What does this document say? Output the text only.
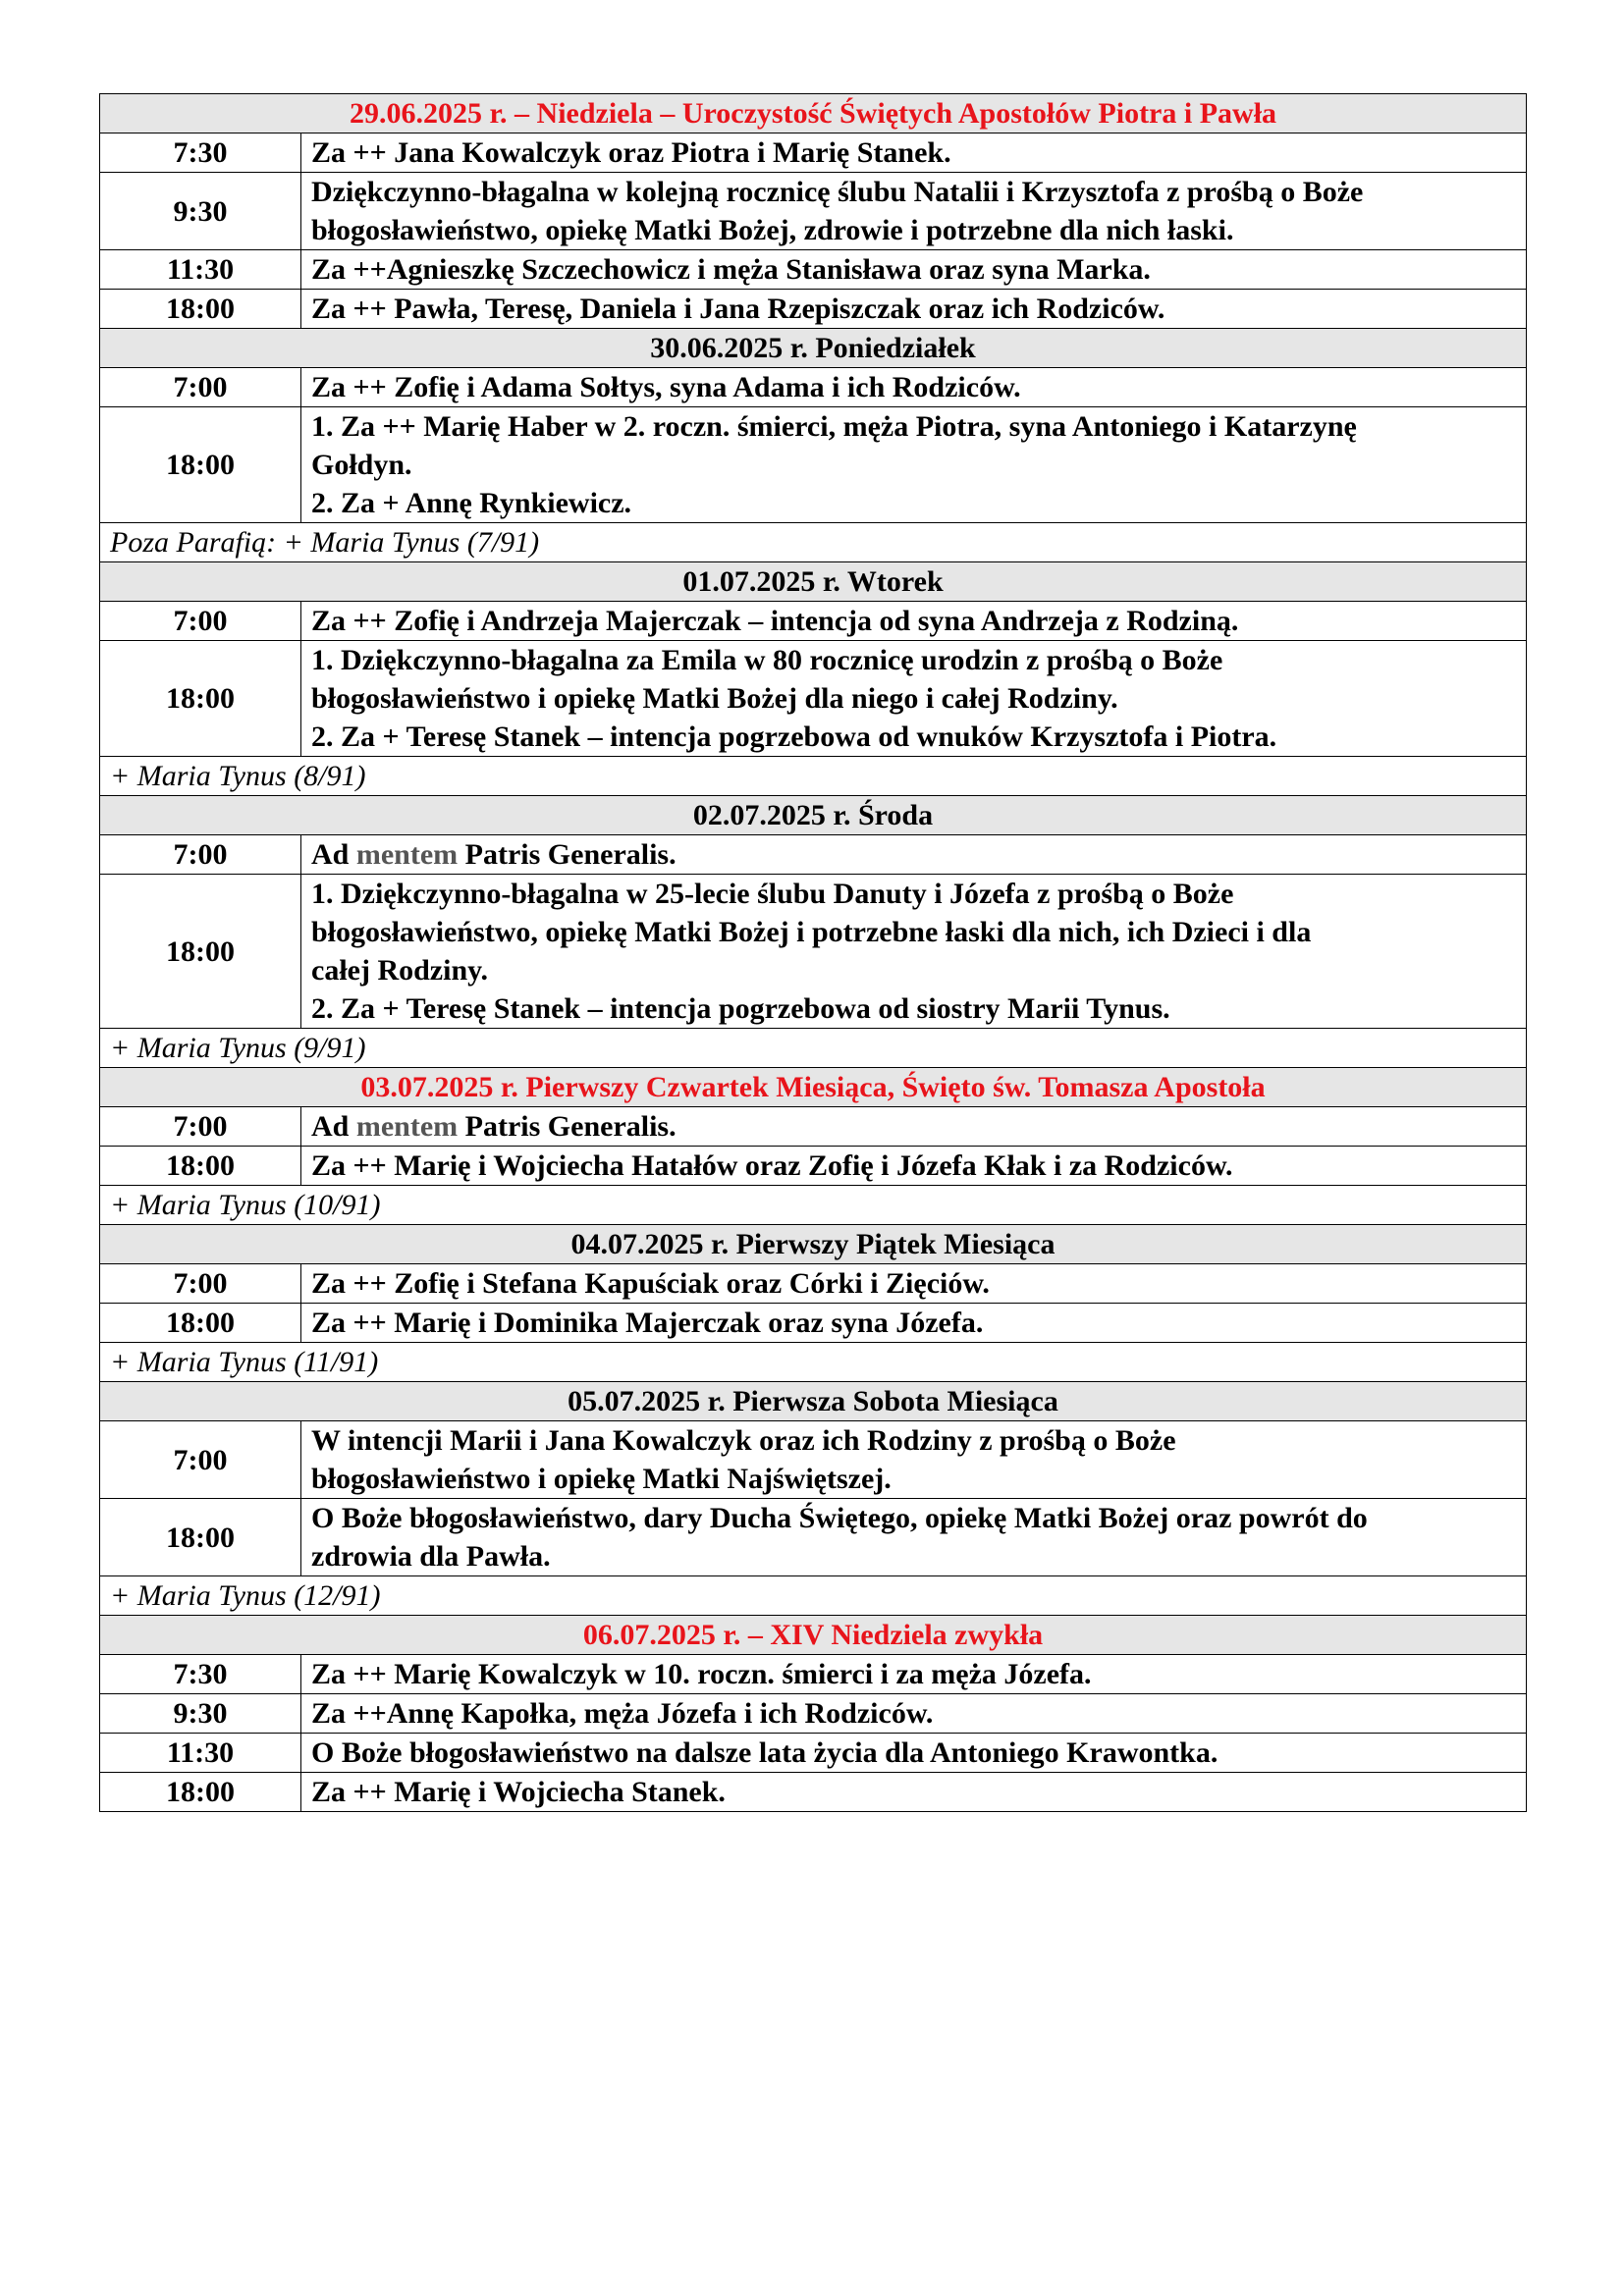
29.06.2025 r. – Niedziela – Uroczystość Świętych Apostołów Piotra i Pawła	
7:30	Za ++ Jana Kowalczyk oraz Piotra i Marię Stanek.

9:30	Dziękczynno-błagalna w kolejną rocznicę ślubu Natalii i Krzysztofa z prośbą o Boże
błogosławieństwo, opiekę Matki Bożej, zdrowie i potrzebne dla nich łaski.

11:30	Za ++Agnieszkę Szczechowicz i męża Stanisława oraz syna Marka.

18:00	Za ++ Pawła, Teresę, Daniela i Jana Rzepiszczak oraz ich Rodziców.

30.06.2025 r. Poniedziałek	
7:00	Za ++ Zofię i Adama Sołtys, syna Adama i ich Rodziców.

18:00	1. Za ++ Marię Haber w 2. roczn. śmierci, męża Piotra, syna Antoniego i Katarzynę
Gołdyn.
2. Za + Annę Rynkiewicz.

Poza Parafią: + Maria Tynus (7/91)	
01.07.2025 r. Wtorek	
7:00	Za ++ Zofię i Andrzeja Majerczak – intencja od syna Andrzeja z Rodziną.

18:00	1. Dziękczynno-błagalna za Emila w 80 rocznicę urodzin z prośbą o Boże
błogosławieństwo i opiekę Matki Bożej dla niego i całej Rodziny.
2. Za + Teresę Stanek – intencja pogrzebowa od wnuków Krzysztofa i Piotra.

+ Maria Tynus (8/91)	
02.07.2025 r. Środa	
7:00	Ad mentem Patris Generalis.
18:00	1. Dziękczynno-błagalna w 25-lecie ślubu Danuty i Józefa z prośbą o Boże
błogosławieństwo, opiekę Matki Bożej i potrzebne łaski dla nich, ich Dzieci i dla
całej Rodziny.
2. Za + Teresę Stanek – intencja pogrzebowa od siostry Marii Tynus.

+ Maria Tynus (9/91)	
03.07.2025 r. Pierwszy Czwartek Miesiąca, Święto św. Tomasza Apostoła	
7:00	Ad mentem Patris Generalis.
18:00	Za ++ Marię i Wojciecha Hatałów oraz Zofię i Józefa Kłak i za Rodziców.

+ Maria Tynus (10/91)	
04.07.2025 r. Pierwszy Piątek Miesiąca	
7:00	Za ++ Zofię i Stefana Kapuściak oraz Córki i Zięciów.

18:00	Za ++ Marię i Dominika Majerczak oraz syna Józefa.

+ Maria Tynus (11/91)	
05.07.2025 r. Pierwsza Sobota Miesiąca	
7:00	W intencji Marii i Jana Kowalczyk oraz ich Rodziny z prośbą o Boże
błogosławieństwo i opiekę Matki Najświętszej.

18:00	O Boże błogosławieństwo, dary Ducha Świętego, opiekę Matki Bożej oraz powrót do
zdrowia dla Pawła.

+ Maria Tynus (12/91)	
06.07.2025 r. – XIV Niedziela zwykła	
7:30	Za ++ Marię Kowalczyk w 10. roczn. śmierci i za męża Józefa.

9:30	Za ++Annę Kapołka, męża Józefa i ich Rodziców.

11:30	O Boże błogosławieństwo na dalsze lata życia dla Antoniego Krawontka.

18:00	Za ++ Marię i Wojciecha Stanek.
